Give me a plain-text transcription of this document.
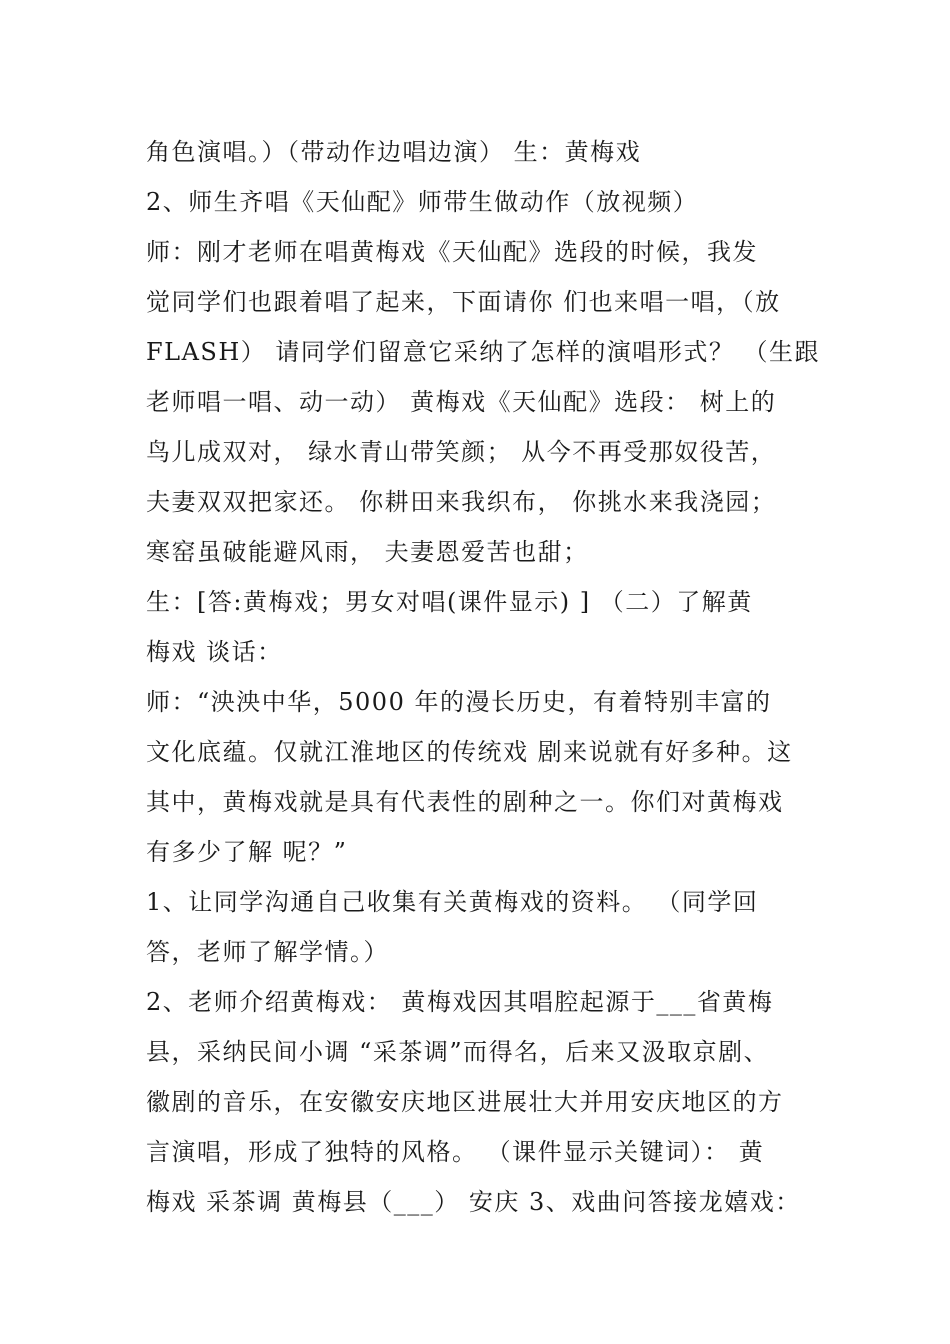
角色演唱。）（带动作边唱边演） 生：黄梅戏
2、师生齐唱《天仙配》师带生做动作（放视频）
师：刚才老师在唱黄梅戏《天仙配》选段的时候，我发
觉同学们也跟着唱了起来，下面请你 们也来唱一唱，（放
FLASH） 请同学们留意它采纳了怎样的演唱形式？ （生跟
老师唱一唱、动一动） 黄梅戏《天仙配》选段： 树上的
鸟儿成双对， 绿水青山带笑颜； 从今不再受那奴役苦，
夫妻双双把家还。 你耕田来我织布， 你挑水来我浇园；
寒窑虽破能避风雨， 夫妻恩爱苦也甜；
生：[答:黄梅戏；男女对唱(课件显示) ] （二）了解黄
梅戏 谈话：
师：“泱泱中华，5000 年的漫长历史，有着特别丰富的
文化底蕴。仅就江淮地区的传统戏 剧来说就有好多种。这
其中，黄梅戏就是具有代表性的剧种之一。你们对黄梅戏
有多少了解 呢？”
1、让同学沟通自己收集有关黄梅戏的资料。 （同学回
答，老师了解学情。）
2、老师介绍黄梅戏： 黄梅戏因其唱腔起源于___省黄梅
县，采纳民间小调 “采茶调”而得名，后来又汲取京剧、
徽剧的音乐，在安徽安庆地区进展壮大并用安庆地区的方
言演唱，形成了独特的风格。 （课件显示关键词）： 黄
梅戏 采茶调 黄梅县（___） 安庆 3、戏曲问答接龙嬉戏：
